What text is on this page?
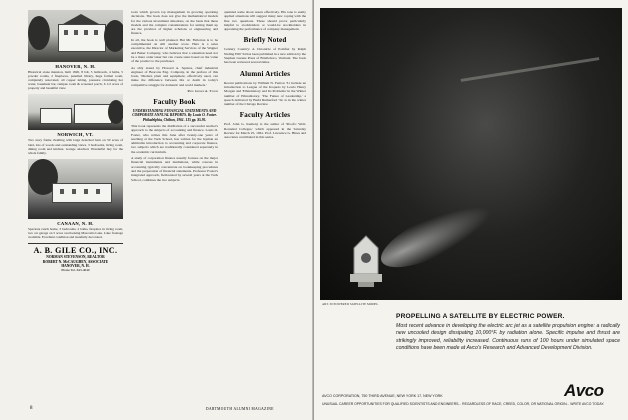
HANOVER, N. H.
Historical stone mansion, built 1820, 8 bdr, 5 bathroom, 4 baths, 5 powder rooms, 2 fireplaces, panelled library, huge formal room, completely renovated, all copper tubing, pressure circulating hot water, basement bar, rumpus room & screened porch, 6 1/2 acres of property and beautiful view.
NORWICH, VT.
Two story frame dwelling with large detached barn on 50 acres of land, lots of woods and outstanding views. 3 bedrooms, living room, dining room and kitchen. Garage attached. Wonderful buy for the whole family.
CANAAN, N. H.
Spacious ranch home, 3 bedrooms, 2 baths, fireplace in living room, two car garage on 5 acres overlooking Mascoma Lake. Lake frontage available. Excellent condition and tastefully decorated.
A. B. GILE CO., INC.
NORMAN STEVENSON, REALTOR
ROBERT N. McCAUGHEY, ASSOCIATE
HANOVER, N. H.
Phone Tel. 643-4040

tools which govern top management in growing operating decisions. The book does not give the mathematical models for the various investment situations, on the basis that these models and the complex considerations for setting them up are the province of higher echelons or engineering and finance.

In all, the book is well planned. But Mr. Fullerton is to be complimented on still another score. Here is a sales executive, the Director of Marketing Services of the Wagner and Baker Company, who believes that a salesman need not be a mere order taker but can create sales based on the value of the product to the purchaser.

As ably stated by Howard A. Squires, chief industrial engineer of Beacons Eng. Company, in the preface of this book, 'Modern plant and equipment, effectively used, can make the difference between life or death in today's competitive struggle for domestic and world markets.'

Prof. George A. Taylor
Faculty Book
UNDERSTANDING FINANCIAL STATEMENTS AND CORPORATE ANNUAL REPORTS. By Louis O. Foster. Philadelphia, Chilton, 1961. 135 pp. $5.95.

This book represents the distillation of a successful teacher's approach to the subjects of accounting and finance. Louis O. Foster, who retires this June after twenty-one years of teaching at the Tuck School, has written for the layman an admirable introduction to accounting and corporate finance, two subjects which are traditionally considered separately in the academic curriculum.

A study of corporation finance usually focuses on the major financial instruments and institutions, while courses in accounting typically concentrate on bookkeeping procedures and the preparation of financial statements. Professor Foster's integrated approach, field-tested by several years at the Tuck School, combines the two subjects.

quainted some about assets effectively. His tone is easily applied situations will suggest many new coping with the fine two questions. These should prove particularly helpful to stockholders or would-be stockholders in appraising the performance of company management.

Briefly Noted

Century Country: A Chronicle of Pomfret by Ralph Nading Hill '34 has been published in a new edition by the Stephen Greene Press of Brattleboro, Vermont. The book has been reviewed several times.

Alumni Articles

Recent publications by William N. Fenton '31 include an introduction to League of the Iroquois by Lewis Henry Morgan and 'Ethnohistory and Its Problems' in the Winter number of Ethnohistory. 'The Future of Leadership,' a speech delivered by Budd Rutherford '32, is in the winter number of the Chicago Review.

Faculty Articles

Prof. John G. Kemeny is the author of 'Proofs: Well-Rounded Colleges,' which appeared in the Saturday Review for March 25, 1961. Prof. Lawrence G. Hines and associates contributed in this series.

8	DARTMOUTH ALUMNI MAGAZINE
ART. 30 POWERED SATELLITE MODEL
PROPELLING A SATELLITE BY ELECTRIC POWER.
Most recent advance in developing the electric arc jet as a satellite propulsion engine: a radically new uncooled design dissipating 10,000°F. by radiation alone. Specific impulse and thrust are strikingly improved, reliability increased. Continuous runs of 100 hours under simulated space conditions have been made at Avco's Research and Advanced Development Division.
Avco
AVCO CORPORATION, 750 THIRD AVENUE, NEW YORK 17, NEW YORK
UNUSUAL CAREER OPPORTUNITIES FOR QUALIFIED SCIENTISTS AND ENGINEERS... REGARDLESS OF RACE, CREED, COLOR, OR NATIONAL ORIGIN... WRITE AVCO TODAY.
